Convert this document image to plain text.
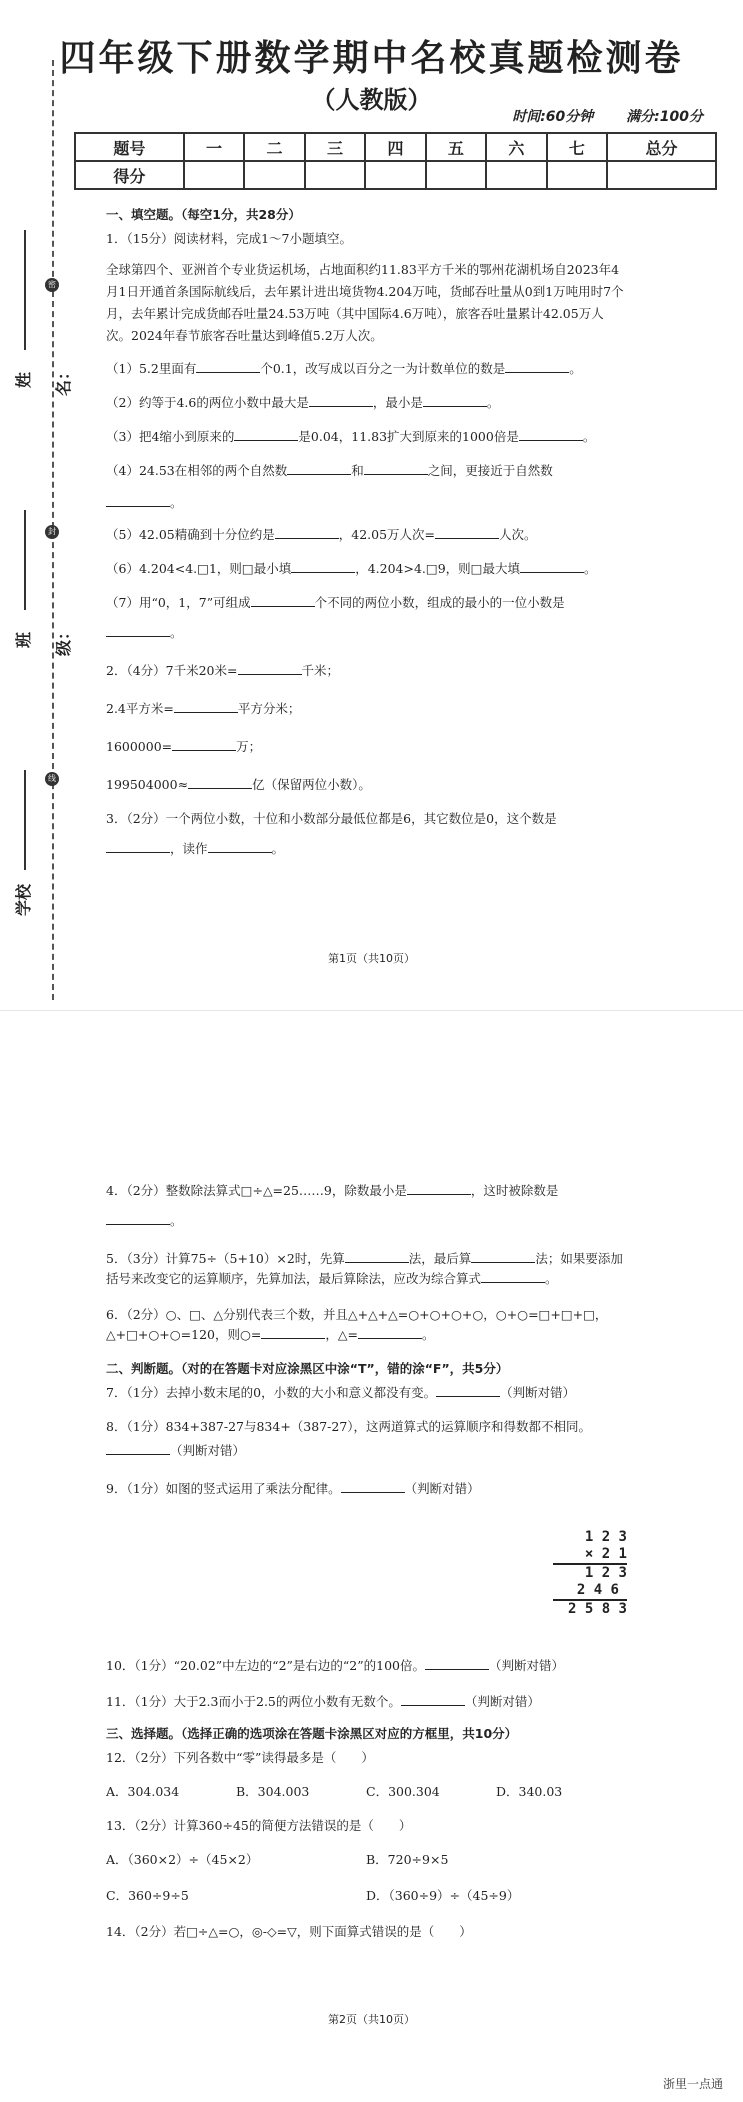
密
封
线
姓名：
班级：
学校
四年级下册数学期中名校真题检测卷
（人教版）
时间:60分钟 满分:100分
题号	一	二	三	四	五	六	七	总分
得分								

一、填空题。（每空1分，共28分）

1．（15分）阅读材料，完成1～7小题填空。

全球第四个、亚洲首个专业货运机场，占地面积约11.83平方千米的鄂州花湖机场自2023年4月1日开通首条国际航线后，去年累计进出境货物4.204万吨，货邮吞吐量从0到1万吨用时7个月，去年累计完成货邮吞吐量24.53万吨（其中国际4.6万吨），旅客吞吐量累计42.05万人次。2024年春节旅客吞吐量达到峰值5.2万人次。

（1）5.2里面有	个0.1，改写成以百分之一为计数单位的数是	。

（2）约等于4.6的两位小数中最大是	，最小是	。

（3）把4缩小到原来的	是0.04，11.83扩大到原来的1000倍是	。

（4）24.53在相邻的两个自然数	和	之间，更接近于自然数

。

（5）42.05精确到十分位约是	，42.05万人次=	人次。

（6）4.204<4.□1，则□最小填	，4.204>4.□9，则□最大填	。

（7）用“0，1，7”可组成	个不同的两位小数，组成的最小的一位小数是

。

2．（4分）7千米20米=	千米；

2.4平方米=	平方分米；

1600000=	万；

199504000≈	亿（保留两位小数）。

3．（2分）一个两位小数，十位和小数部分最低位都是6，其它数位是0，这个数是

，读作	。

第1页（共10页）

4．（2分）整数除法算式□÷△=25……9，除数最小是	，这时被除数是

。

5．（3分）计算75÷（5+10）×2时，先算	法，最后算	法；如果要添加括号来改变它的运算顺序，先算加法，最后算除法，应改为综合算式	。

6．（2分）○、□、△分别代表三个数，并且△+△+△=○+○+○+○，○+○=□+□+□，△+□+○+○=120，则○=	，△=	。

二、判断题。（对的在答题卡对应涂黑区中涂“T”，错的涂“F”，共5分）

7．（1分）去掉小数末尾的0，小数的大小和意义都没有变。	（判断对错）

8．（1分）834+387-27与834+（387-27），这两道算式的运算顺序和得数都不相同。

（判断对错）

9．（1分）如图的竖式运用了乘法分配律。	（判断对错）

1 2 3
× 2 1
1 2 3
2 4 6
2 5 8 3

10．（1分）“20.02”中左边的“2”是右边的“2”的100倍。	（判断对错）

11．（1分）大于2.3而小于2.5的两位小数有无数个。	（判断对错）

三、选择题。（选择正确的选项涂在答题卡涂黑区对应的方框里，共10分）

12．（2分）下列各数中“零”读得最多是（　　）

A．304.034	B．304.003	C．300.304	D．340.03

13．（2分）计算360÷45的简便方法错误的是（　　）

A．（360×2）÷（45×2）	B．720÷9×5

C．360÷9÷5	D．（360÷9）÷（45÷9）

14．（2分）若□÷△=○，◎-◇=▽，则下面算式错误的是（　　）

第2页（共10页）
浙里一点通
